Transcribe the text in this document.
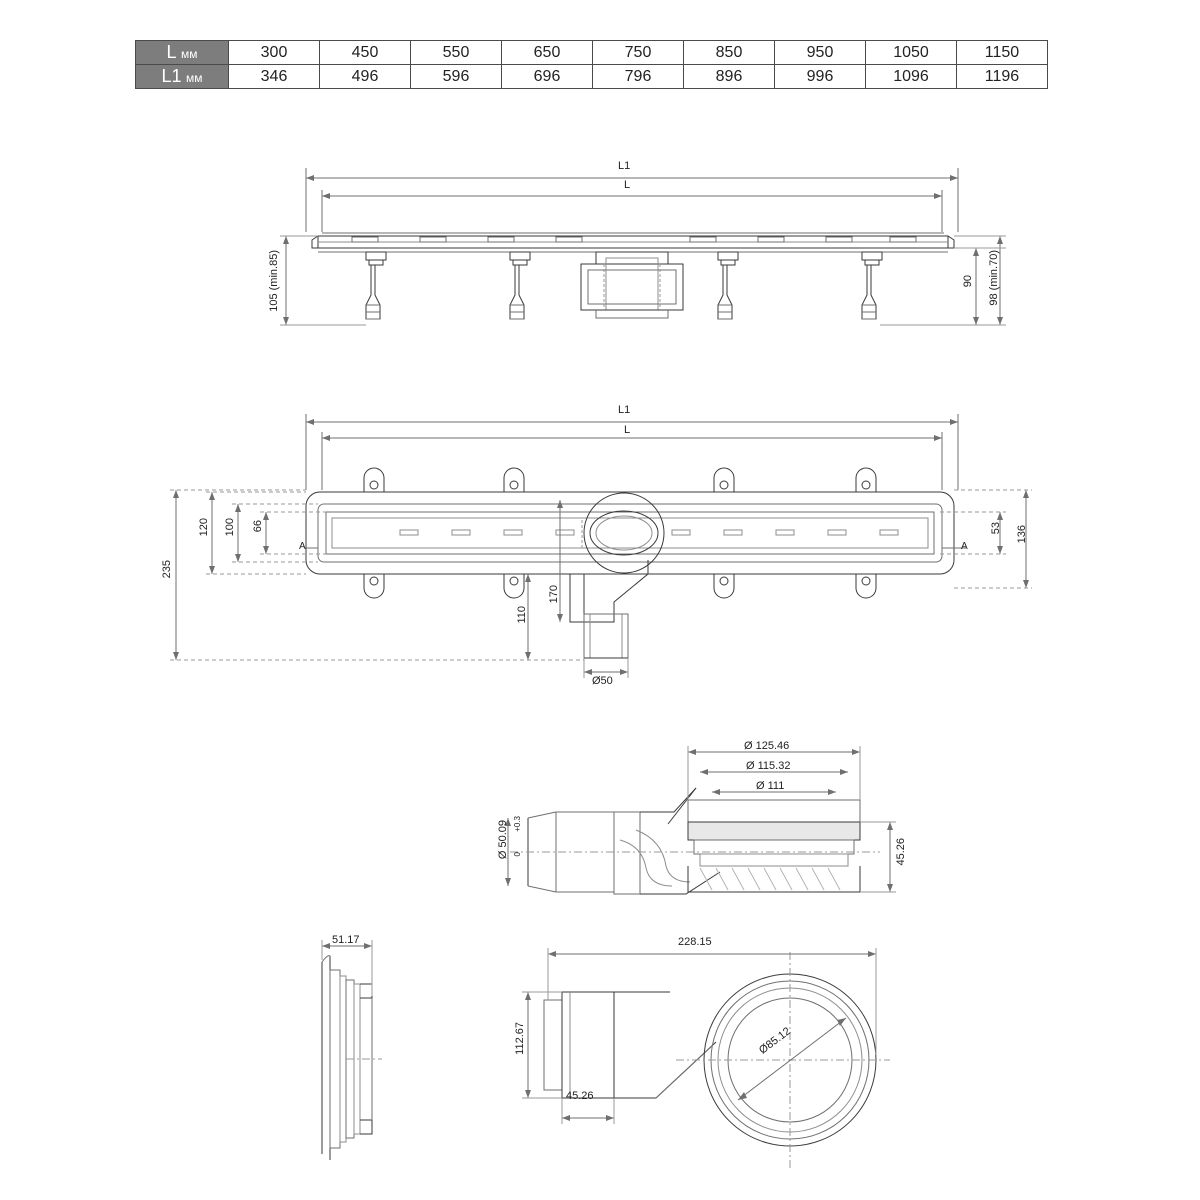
L мм	300	450	550	650	750	850	950	1050	1150
L1 мм	346	496	596	696	796	896	996	1096	1196
L1
L
105 (min.85)	90 98 (min.70)
L1
L
235
120 100 66	53 136
170
110
Ø50
A	A
Ø 125.46
Ø 115.32
Ø 111
Ø 50.09 +0.3
0	45.26
51.17	228.15
112.67
45.26
Ø85.12
